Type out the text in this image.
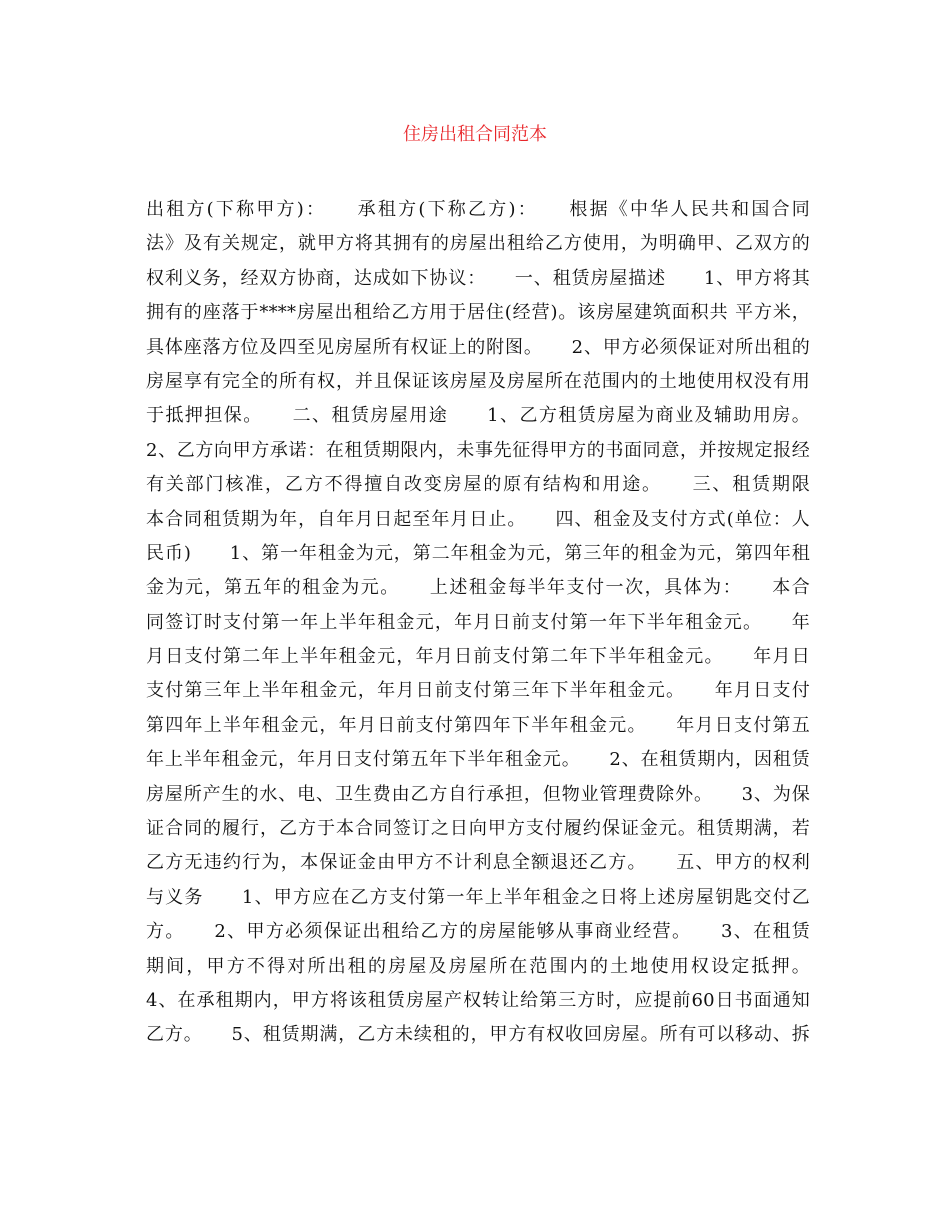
住房出租合同范本
出租方(下称甲方)：　　承租方(下称乙方)：　　根据《中华人民共和国合同
法》及有关规定，就甲方将其拥有的房屋出租给乙方使用，为明确甲、乙双方的
权利义务，经双方协商，达成如下协议：　　一、租赁房屋描述　　1、甲方将其
拥有的座落于****房屋出租给乙方用于居住(经营)。该房屋建筑面积共 平方米，
具体座落方位及四至见房屋所有权证上的附图。　　2、甲方必须保证对所出租的
房屋享有完全的所有权，并且保证该房屋及房屋所在范围内的土地使用权没有用
于抵押担保。　　二、租赁房屋用途　　1、乙方租赁房屋为商业及辅助用房。
2、乙方向甲方承诺：在租赁期限内，未事先征得甲方的书面同意，并按规定报经
有关部门核准，乙方不得擅自改变房屋的原有结构和用途。　　三、租赁期限
本合同租赁期为年，自年月日起至年月日止。　　四、租金及支付方式(单位：人
民币)　　1、第一年租金为元，第二年租金为元，第三年的租金为元，第四年租
金为元，第五年的租金为元。　　上述租金每半年支付一次，具体为：　　本合
同签订时支付第一年上半年租金元，年月日前支付第一年下半年租金元。　　年
月日支付第二年上半年租金元，年月日前支付第二年下半年租金元。　　年月日
支付第三年上半年租金元，年月日前支付第三年下半年租金元。　　年月日支付
第四年上半年租金元，年月日前支付第四年下半年租金元。　　年月日支付第五
年上半年租金元，年月日支付第五年下半年租金元。　　2、在租赁期内，因租赁
房屋所产生的水、电、卫生费由乙方自行承担，但物业管理费除外。　　3、为保
证合同的履行，乙方于本合同签订之日向甲方支付履约保证金元。租赁期满，若
乙方无违约行为，本保证金由甲方不计利息全额退还乙方。　　五、甲方的权利
与义务　　1、甲方应在乙方支付第一年上半年租金之日将上述房屋钥匙交付乙
方。　　2、甲方必须保证出租给乙方的房屋能够从事商业经营。　　3、在租赁
期间，甲方不得对所出租的房屋及房屋所在范围内的土地使用权设定抵押。
4、在承租期内，甲方将该租赁房屋产权转让给第三方时，应提前60日书面通知
乙方。　　5、租赁期满，乙方未续租的，甲方有权收回房屋。所有可以移动、拆
